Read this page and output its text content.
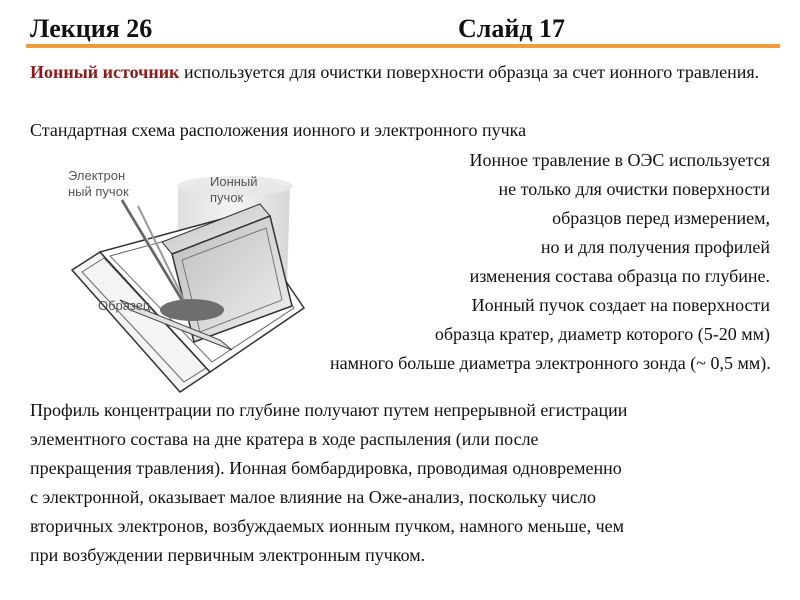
Лекция 26	Слайд 17
Ионный источник используется для очистки поверхности образца за счет ионного травления.
Стандартная схема расположения ионного и электронного пучка
Электрон
ный пучок
Ионный
пучок
Образец
Ионное травление в ОЭС используется
не только для очистки поверхности
образцов перед измерением,
но и для получения профилей
изменения состава образца по глубине.
Ионный пучок создает на поверхности
образца кратер, диаметр которого (5-20 мм)
намного больше диаметра электронного зонда (~ 0,5 мм).
Профиль концентрации по глубине получают путем непрерывной егистрации
элементного состава на дне кратера в ходе распыления (или после
прекращения травления). Ионная бомбардировка, проводимая одновременно
с электронной, оказывает малое влияние на Оже-анализ, поскольку число
вторичных электронов, возбуждаемых ионным пучком, намного меньше, чем
при возбуждении первичным электронным пучком.
